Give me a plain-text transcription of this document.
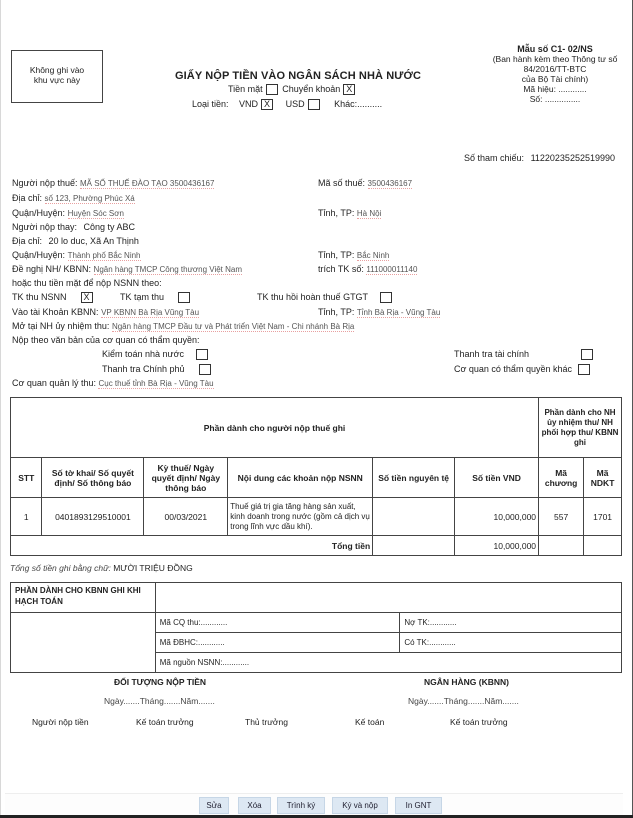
Không ghi vào
khu vực này	GIẤY NỘP TIỀN VÀO NGÂN SÁCH NHÀ NƯỚC
Tiền mặt Chuyển khoản X
Loại tiền: VND X USD	Khác:..........
Mẫu số C1- 02/NS
(Ban hành kèm theo Thông tư số
84/2016/TT-BTC
của Bộ Tài chính)
Mã hiệu: ............
Số: ...............
Số tham chiếu: 11220235252519990
Người nộp thuế: MÃ SỐ THUẾ ĐÀO TẠO 3500436167	Mã số thuế: 3500436167
Địa chỉ: số 123, Phường Phúc Xá
Quận/Huyện: Huyện Sóc Sơn	Tỉnh, TP: Hà Nội
Người nộp thay: Công ty ABC
Địa chỉ: 20 lo duc, Xã An Thịnh
Quận/Huyện: Thành phố Bắc Ninh	Tỉnh, TP: Bắc Ninh
Đề nghị NH/ KBNN: Ngân hàng TMCP Công thương Việt Nam	trích TK số: 111000011140
hoặc thu tiền mặt để nộp NSNN theo:
TK thu NSNN X	TK tạm thu	TK thu hồi hoàn thuế GTGT
Vào tài Khoản KBNN: VP KBNN Bà Rịa Vũng Tàu	Tỉnh, TP: Tỉnh Bà Rịa - Vũng Tàu
Mở tại NH ủy nhiệm thu: Ngân hàng TMCP Đầu tư và Phát triển Việt Nam - Chi nhánh Bà Rịa
Nộp theo văn bản của cơ quan có thẩm quyền:
Kiểm toán nhà nước
Thanh tra Chính phủ
Thanh tra tài chính
Cơ quan có thẩm quyền khác
Cơ quan quản lý thu: Cục thuế tỉnh Bà Rịa - Vũng Tàu
Phần dành cho người nộp thuế ghi						Phần dành cho NH ủy nhiệm thu/ NH phối hợp thu/ KBNN ghi	
STT	Số tờ khai/ Số quyết định/ Số thông báo	Kỳ thuế/ Ngày quyết định/ Ngày thông báo	Nội dung các khoản nộp NSNN	Số tiền nguyên tệ	Số tiền VND	Mã chương	Mã NDKT
1	0401893129510001	00/03/2021	Thuế giá trị gia tăng hàng sản xuất, kinh doanh trong nước (gồm cả dịch vụ trong lĩnh vực dầu khí).		10,000,000	557	1701
Tổng tiền					10,000,000		
Tổng số tiền ghi bằng chữ: MƯỜI TRIỆU ĐỒNG
PHẦN DÀNH CHO KBNN GHI KHI HẠCH TOÁN		
	Mã CQ thu:............	Nợ TK:............
	Mã ĐBHC:............	Có TK:............
	Mã nguồn NSNN:............	
ĐỐI TƯỢNG NỘP TIỀN
Ngày.......Tháng.......Năm.......
NGÂN HÀNG (KBNN)
Ngày.......Tháng.......Năm.......
Người nộp tiền	Kế toán trưởng	Thủ trưởng	Kế toán	Kế toán trưởng
Sửa	Xóa	Trình ký	Ký và nộp	In GNT
